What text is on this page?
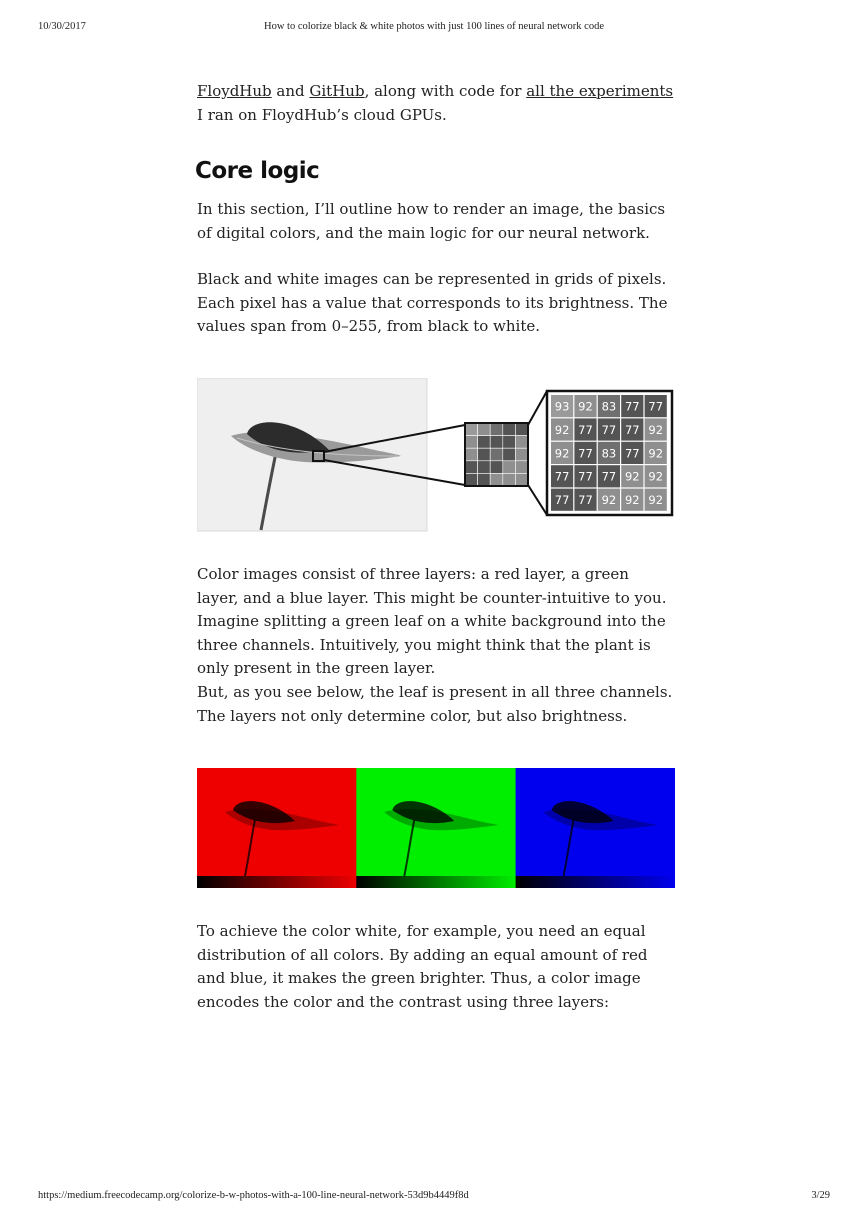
10/30/2017	How to colorize black & white photos with just 100 lines of neural network code

FloydHub and GitHub, along with code for all the experiments I ran on FloydHub’s cloud GPUs.

Core logic

In this section, I’ll outline how to render an image, the basics of digital colors, and the main logic for our neural network.

Black and white images can be represented in grids of pixels. Each pixel has a value that corresponds to its brightness. The values span from 0–255, from black to white.

93 92 83 77 77
92 77 77 77 92
92 77 83 77 92
77 77 77 92 92
77 77 92 92 92

Color images consist of three layers: a red layer, a green layer, and a blue layer. This might be counter-intuitive to you. Imagine splitting a green leaf on a white background into the three channels. Intuitively, you might think that the plant is only present in the green layer.

But, as you see below, the leaf is present in all three channels. The layers not only determine color, but also brightness.

To achieve the color white, for example, you need an equal distribution of all colors. By adding an equal amount of red and blue, it makes the green brighter. Thus, a color image encodes the color and the contrast using three layers:

https://medium.freecodecamp.org/colorize-b-w-photos-with-a-100-line-neural-network-53d9b4449f8d	3/29
